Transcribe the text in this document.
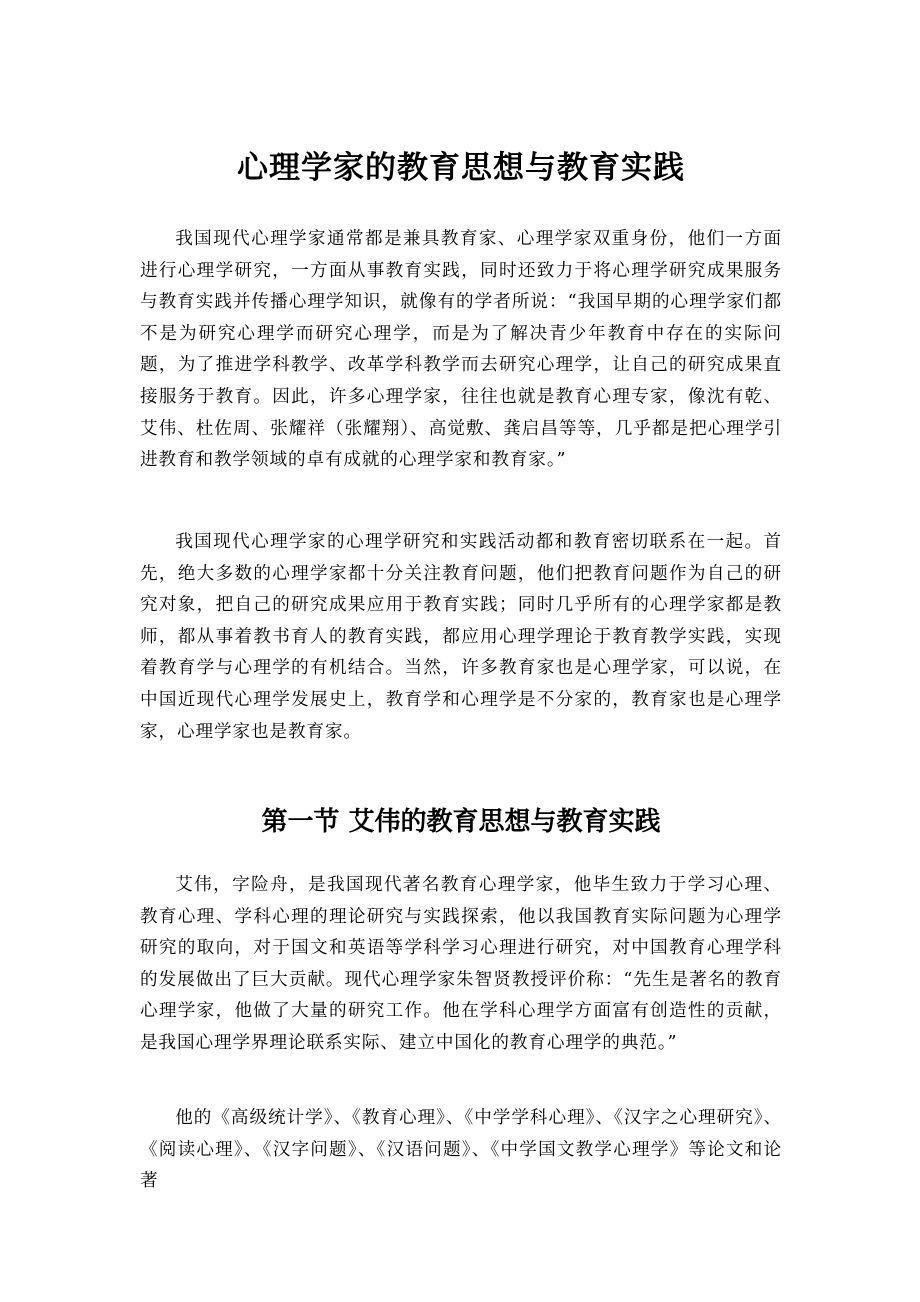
心理学家的教育思想与教育实践

我国现代心理学家通常都是兼具教育家、心理学家双重身份，他们一方面进行心理学研究，一方面从事教育实践，同时还致力于将心理学研究成果服务与教育实践并传播心理学知识，就像有的学者所说：“我国早期的心理学家们都不是为研究心理学而研究心理学，而是为了解决青少年教育中存在的实际问题，为了推进学科教学、改革学科教学而去研究心理学，让自己的研究成果直接服务于教育。因此，许多心理学家，往往也就是教育心理专家，像沈有乾、艾伟、杜佐周、张耀祥（张耀翔）、高觉敷、龚启昌等等，几乎都是把心理学引进教育和教学领域的卓有成就的心理学家和教育家。”

我国现代心理学家的心理学研究和实践活动都和教育密切联系在一起。首先，绝大多数的心理学家都十分关注教育问题，他们把教育问题作为自己的研究对象，把自己的研究成果应用于教育实践；同时几乎所有的心理学家都是教师，都从事着教书育人的教育实践，都应用心理学理论于教育教学实践，实现着教育学与心理学的有机结合。当然，许多教育家也是心理学家，可以说，在中国近现代心理学发展史上，教育学和心理学是不分家的，教育家也是心理学家，心理学家也是教育家。

第一节 艾伟的教育思想与教育实践

艾伟，字险舟，是我国现代著名教育心理学家，他毕生致力于学习心理、教育心理、学科心理的理论研究与实践探索，他以我国教育实际问题为心理学研究的取向，对于国文和英语等学科学习心理进行研究，对中国教育心理学科的发展做出了巨大贡献。现代心理学家朱智贤教授评价称：“先生是著名的教育心理学家，他做了大量的研究工作。他在学科心理学方面富有创造性的贡献，是我国心理学界理论联系实际、建立中国化的教育心理学的典范。”

他的《高级统计学》、《教育心理》、《中学学科心理》、《汉字之心理研究》、《阅读心理》、《汉字问题》、《汉语问题》、《中学国文教学心理学》等论文和论著
